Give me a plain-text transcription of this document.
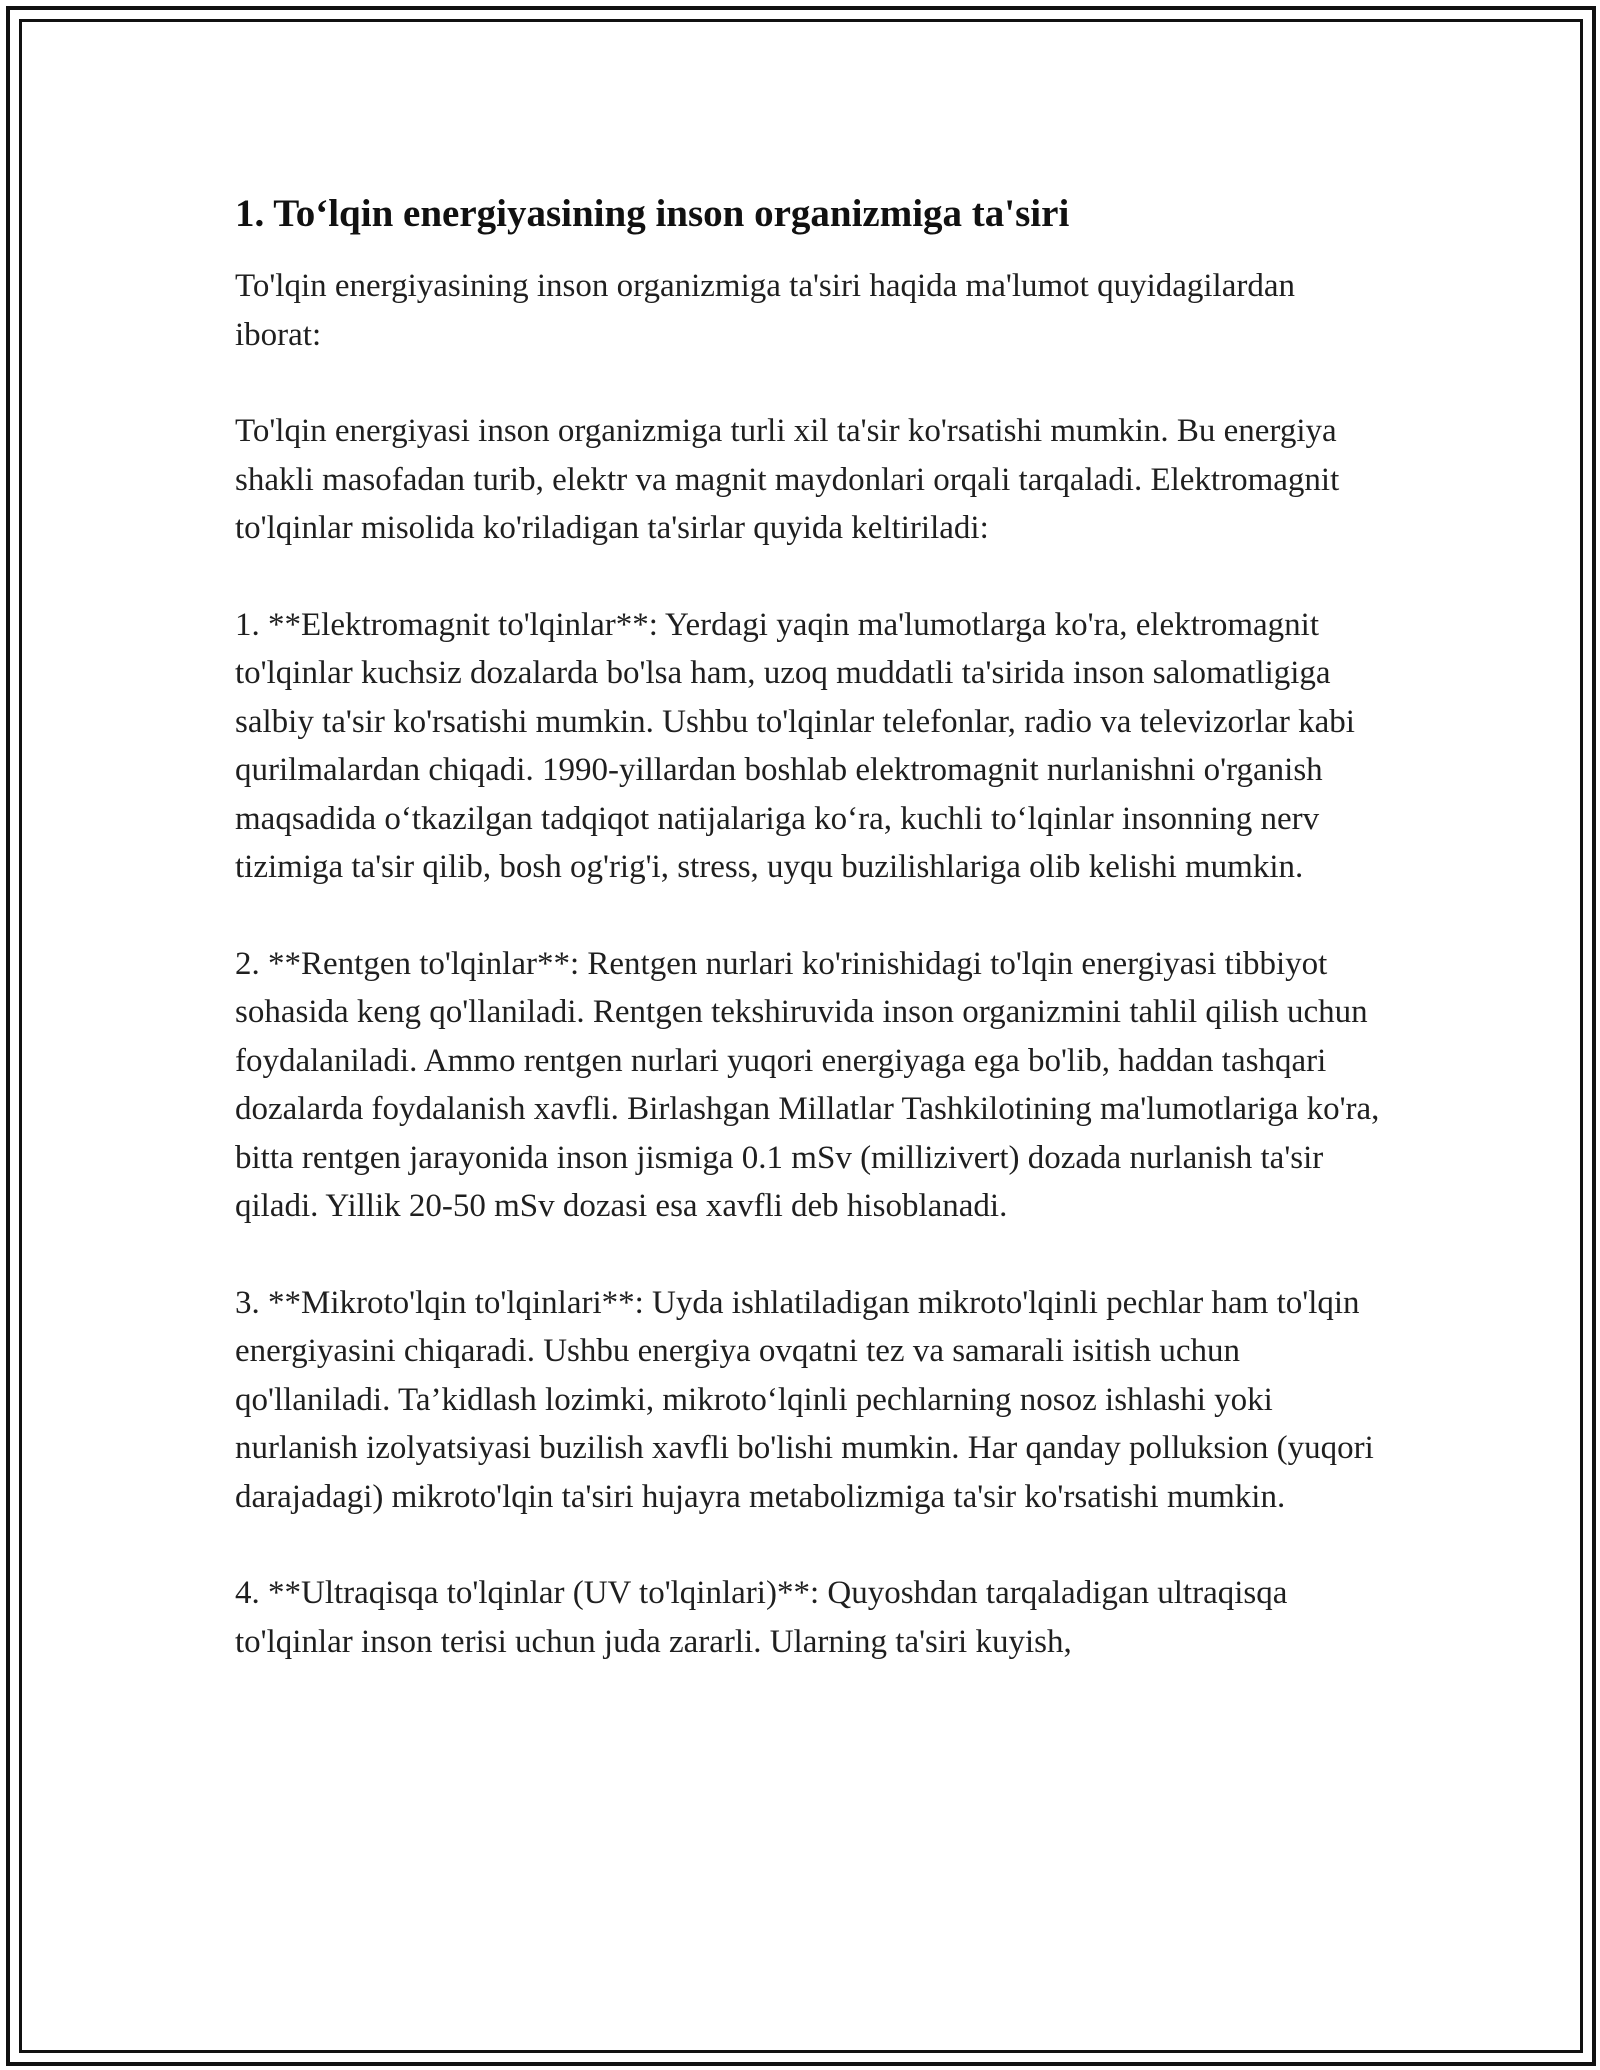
1. To‘lqin energiyasining inson organizmiga ta'siri

To'lqin energiyasining inson organizmiga ta'siri haqida ma'lumot quyidagilardan iborat:

To'lqin energiyasi inson organizmiga turli xil ta'sir ko'rsatishi mumkin. Bu energiya shakli masofadan turib, elektr va magnit maydonlari orqali tarqaladi. Elektromagnit to'lqinlar misolida ko'riladigan ta'sirlar quyida keltiriladi:

1. **Elektromagnit to'lqinlar**: Yerdagi yaqin ma'lumotlarga ko'ra, elektromagnit to'lqinlar kuchsiz dozalarda bo'lsa ham, uzoq muddatli ta'sirida inson salomatligiga salbiy ta'sir ko'rsatishi mumkin. Ushbu to'lqinlar telefonlar, radio va televizorlar kabi qurilmalardan chiqadi. 1990-yillardan boshlab elektromagnit nurlanishni o'rganish maqsadida o‘tkazilgan tadqiqot natijalariga ko‘ra, kuchli to‘lqinlar insonning nerv tizimiga ta'sir qilib, bosh og'rig'i, stress, uyqu buzilishlariga olib kelishi mumkin.

2. **Rentgen to'lqinlar**: Rentgen nurlari ko'rinishidagi to'lqin energiyasi tibbiyot sohasida keng qo'llaniladi. Rentgen tekshiruvida inson organizmini tahlil qilish uchun foydalaniladi. Ammo rentgen nurlari yuqori energiyaga ega bo'lib, haddan tashqari dozalarda foydalanish xavfli. Birlashgan Millatlar Tashkilotining ma'lumotlariga ko'ra, bitta rentgen jarayonida inson jismiga 0.1 mSv (millizivert) dozada nurlanish ta'sir qiladi. Yillik 20-50 mSv dozasi esa xavfli deb hisoblanadi.

3. **Mikroto'lqin to'lqinlari**: Uyda ishlatiladigan mikroto'lqinli pechlar ham to'lqin energiyasini chiqaradi. Ushbu energiya ovqatni tez va samarali isitish uchun qo'llaniladi. Ta’kidlash lozimki, mikroto‘lqinli pechlarning nosoz ishlashi yoki nurlanish izolyatsiyasi buzilish xavfli bo'lishi mumkin. Har qanday polluksion (yuqori darajadagi) mikroto'lqin ta'siri hujayra metabolizmiga ta'sir ko'rsatishi mumkin.

4. **Ultraqisqa to'lqinlar (UV to'lqinlari)**: Quyoshdan tarqaladigan ultraqisqa to'lqinlar inson terisi uchun juda zararli. Ularning ta'siri kuyish,
